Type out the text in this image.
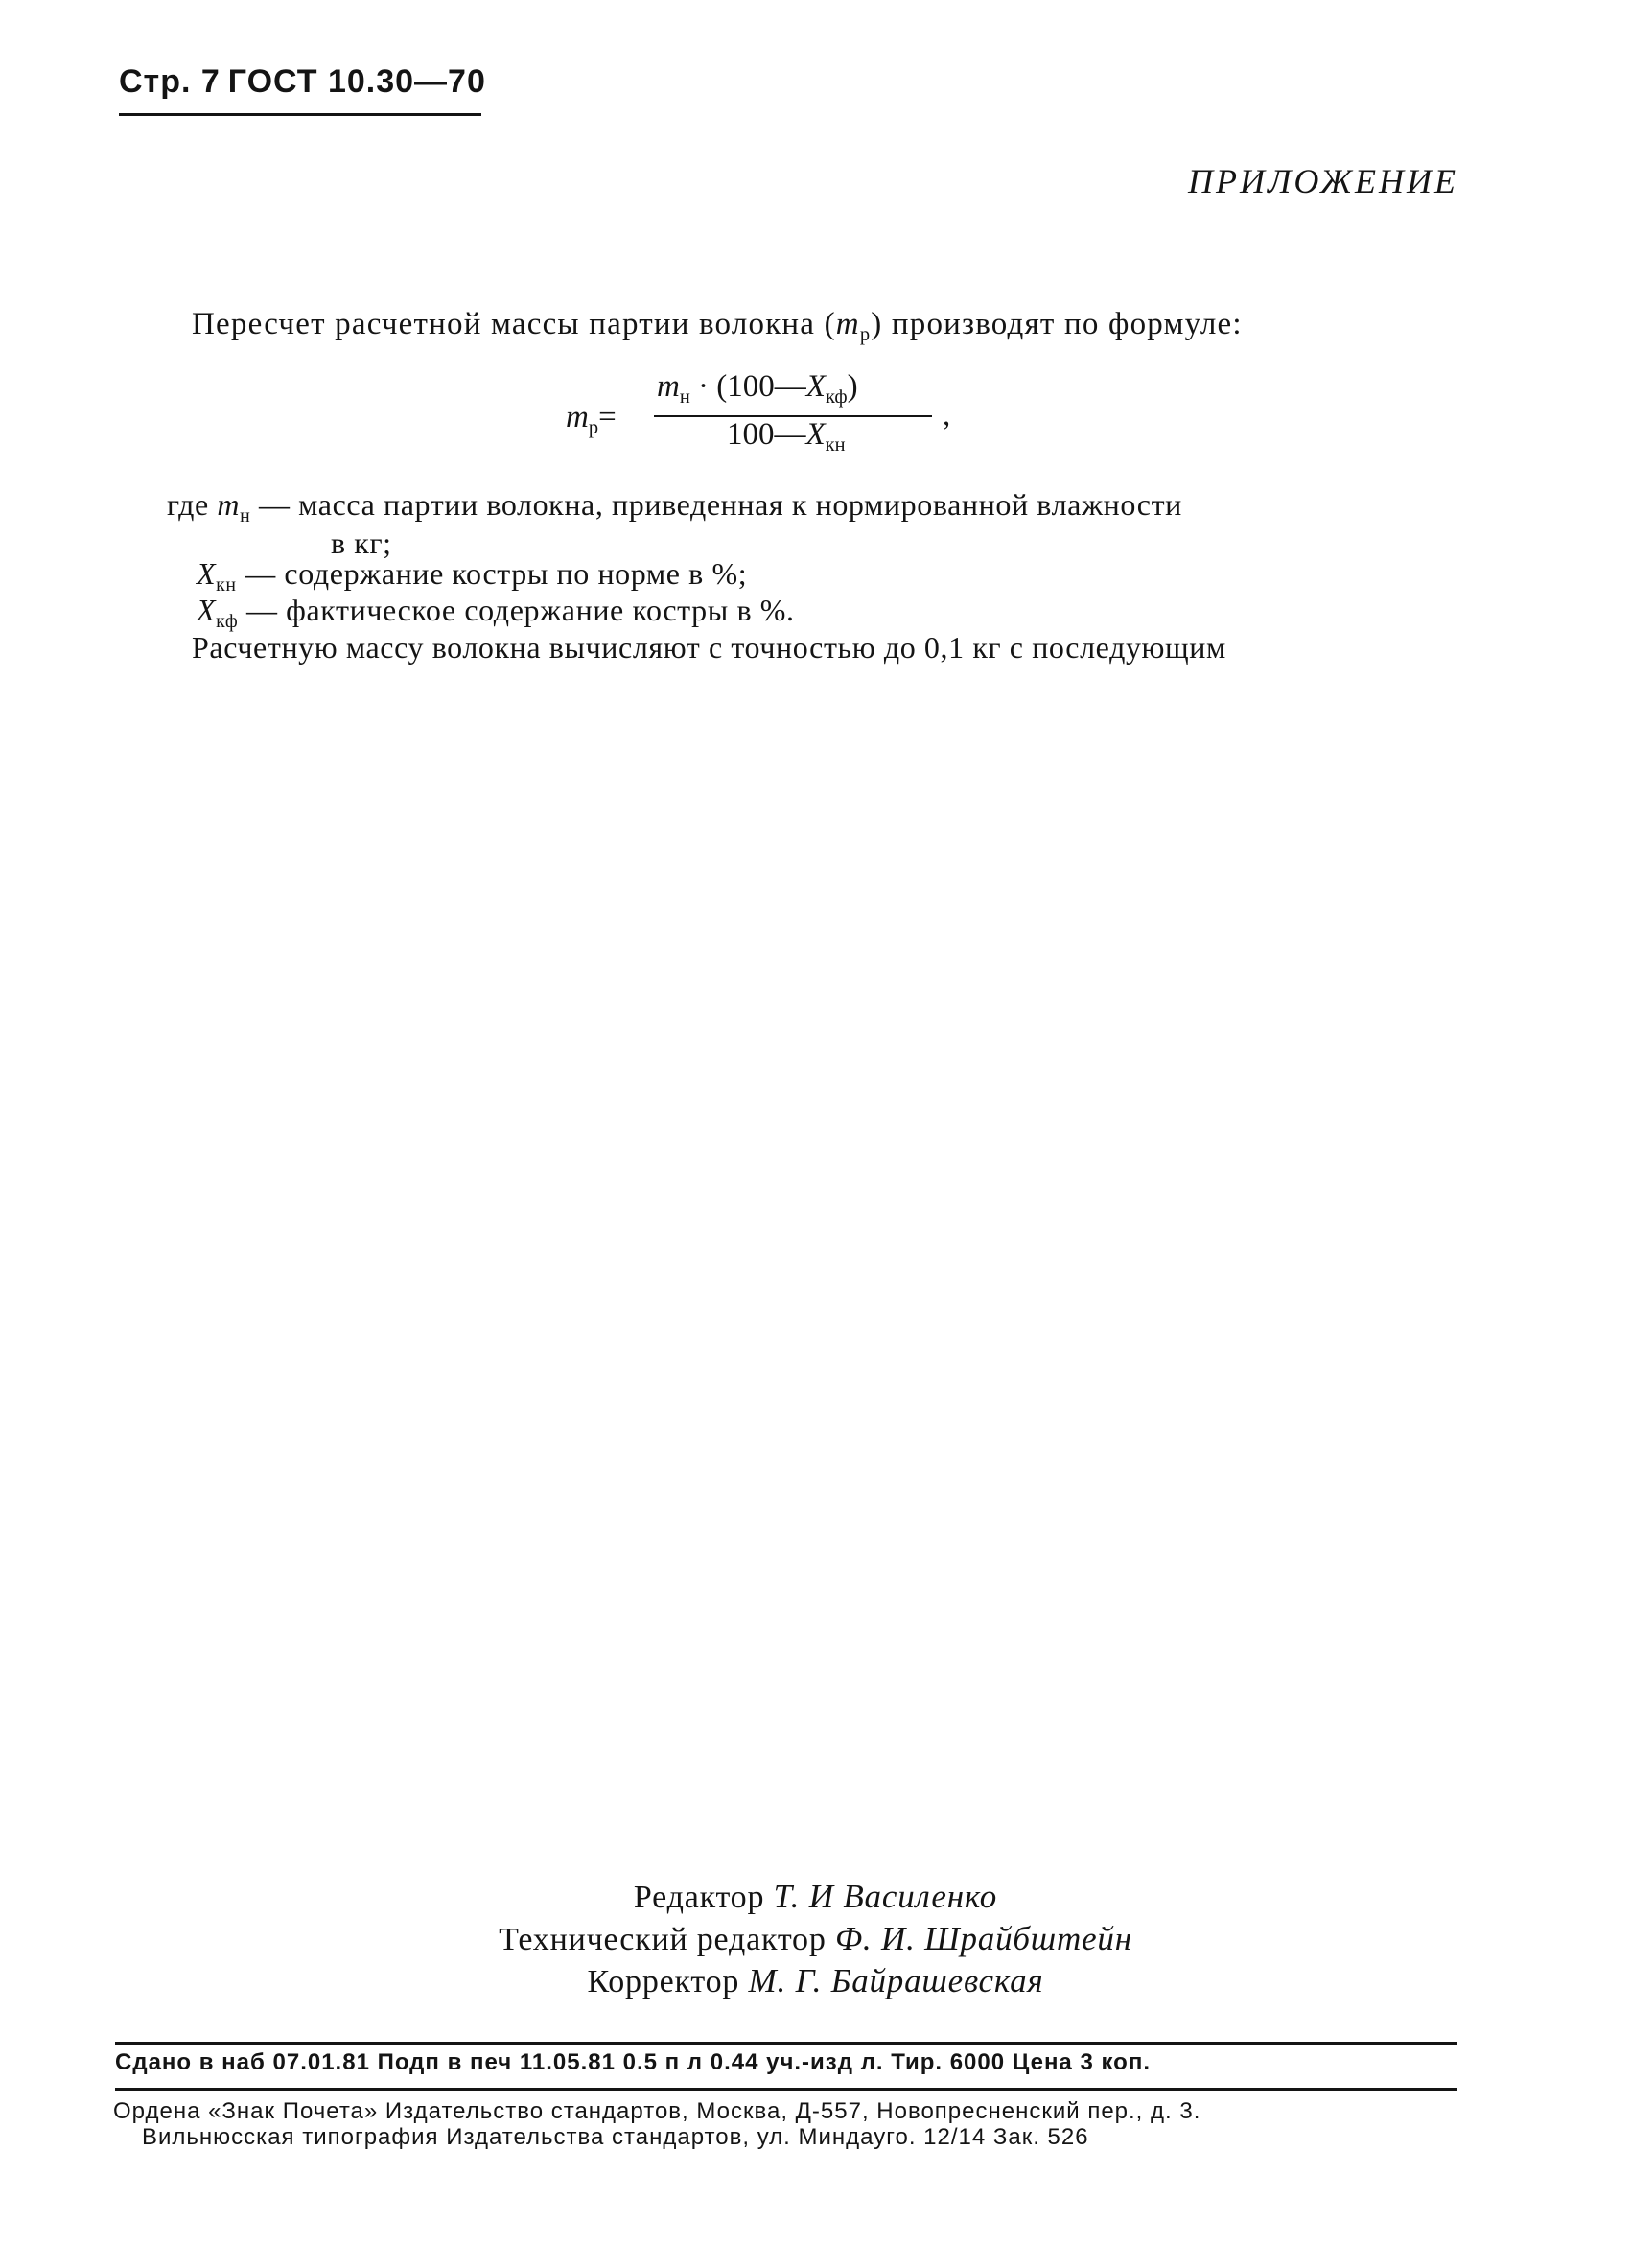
Стр. 7 ГОСТ 10.30—70
ПРИЛОЖЕНИЕ
Пересчет расчетной массы партии волокна $(m_р)$ производят по формуле:
$m_р=$
$m_н$ · $(100—X_{кф})$
$100—X_{кн}$
,
где $m_н$ — масса партии волокна, приведенная к нормированной влажности
в кг;
$X_{кн}$ — содержание костры по норме в %;
$X_{кф}$ — фактическое содержание костры в %.
Расчетную массу волокна вычисляют с точностью до 0,1 кг с последующим
Редактор Т. И Василенко
Технический редактор Ф. И. Шрайбштейн
Корректор М. Г. Байрашевская
Сдано в наб 07.01.81 Подп в печ 11.05.81 0.5 п л 0.44 уч.-изд л. Тир. 6000 Цена 3 коп.
Ордена «Знак Почета» Издательство стандартов, Москва, Д-557, Новопресненский пер., д. 3.
Вильнюсская типография Издательства стандартов, ул. Миндауго. 12/14 Зак. 526
